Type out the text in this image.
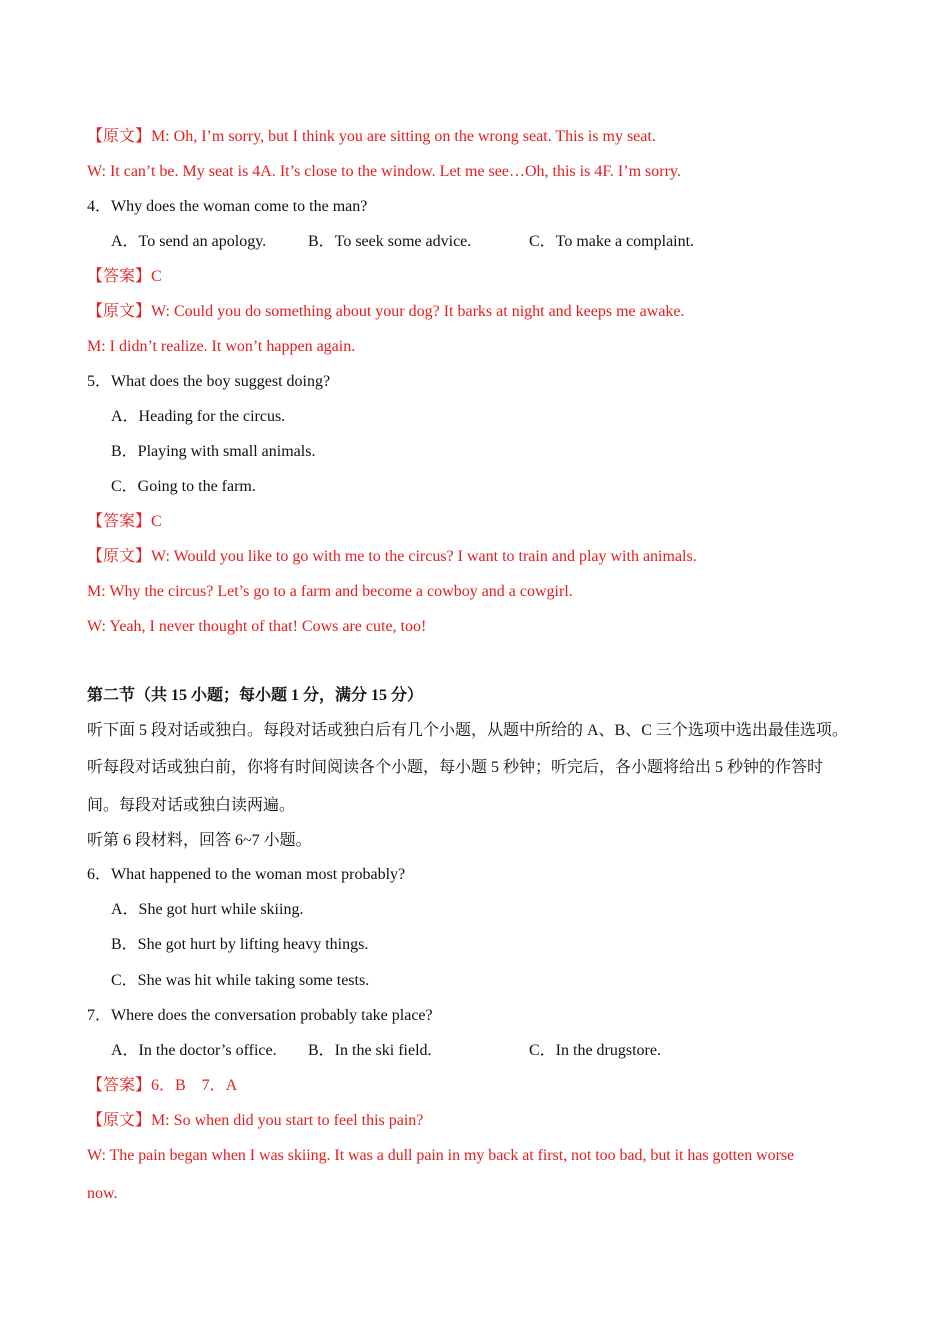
【原文】M: Oh, I’m sorry, but I think you are sitting on the wrong seat. This is my seat.
W: It can’t be. My seat is 4A. It’s close to the window. Let me see…Oh, this is 4F. I’m sorry.
4．Why does the woman come to the man?
A．To send an apology.	B．To seek some advice.	C．To make a complaint.
【答案】C
【原文】W: Could you do something about your dog? It barks at night and keeps me awake.
M: I didn’t realize. It won’t happen again.
5．What does the boy suggest doing?
A．Heading for the circus.
B．Playing with small animals.
C．Going to the farm.
【答案】C
【原文】W: Would you like to go with me to the circus? I want to train and play with animals.
M: Why the circus? Let’s go to a farm and become a cowboy and a cowgirl.
W: Yeah, I never thought of that! Cows are cute, too!
第二节（共 15 小题；每小题 1 分，满分 15 分）
听下面 5 段对话或独白。每段对话或独白后有几个小题，从题中所给的 A、B、C 三个选项中选出最佳选项。
听每段对话或独白前，你将有时间阅读各个小题，每小题 5 秒钟；听完后，各小题将给出 5 秒钟的作答时
间。每段对话或独白读两遍。
听第 6 段材料，回答 6~7 小题。
6．What happened to the woman most probably?
A．She got hurt while skiing.
B．She got hurt by lifting heavy things.
C．She was hit while taking some tests.
7．Where does the conversation probably take place?
A．In the doctor’s office. B．In the ski field.	C．In the drugstore.
【答案】6．B　7．A
【原文】M: So when did you start to feel this pain?
W: The pain began when I was skiing. It was a dull pain in my back at first, not too bad, but it has gotten worse
now.
